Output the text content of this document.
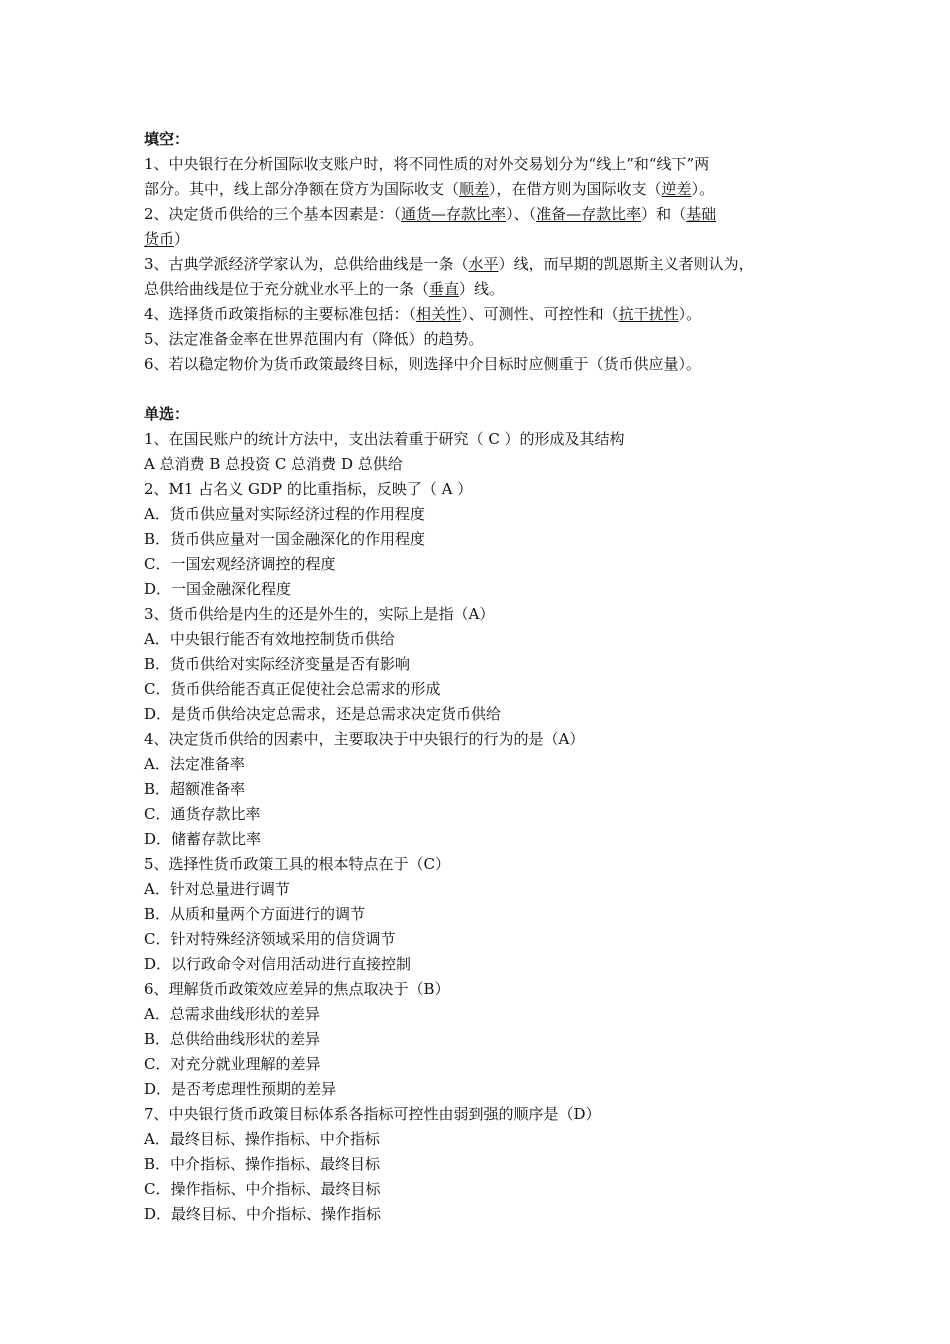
填空：
1、中央银行在分析国际收支账户时，将不同性质的对外交易划分为“线上”和“线下”两
部分。其中，线上部分净额在贷方为国际收支（顺差），在借方则为国际收支（逆差）。
2、决定货币供给的三个基本因素是：（通货—存款比率）、（准备—存款比率）和（基础
货币）
3、古典学派经济学家认为，总供给曲线是一条（水平）线，而早期的凯恩斯主义者则认为，
总供给曲线是位于充分就业水平上的一条（垂直）线。
4、选择货币政策指标的主要标准包括：（相关性）、可测性、可控性和（抗干扰性）。
5、法定准备金率在世界范围内有（降低）的趋势。
6、若以稳定物价为货币政策最终目标，则选择中介目标时应侧重于（货币供应量）。
单选：
1、在国民账户的统计方法中，支出法着重于研究（ C ）的形成及其结构
A 总消费 B 总投资 C 总消费 D 总供给
2、M1 占名义 GDP 的比重指标，反映了（ A ）
A．货币供应量对实际经济过程的作用程度
B．货币供应量对一国金融深化的作用程度
C．一国宏观经济调控的程度
D．一国金融深化程度
3、货币供给是内生的还是外生的，实际上是指（A）
A．中央银行能否有效地控制货币供给
B．货币供给对实际经济变量是否有影响
C．货币供给能否真正促使社会总需求的形成
D．是货币供给决定总需求，还是总需求决定货币供给
4、决定货币供给的因素中，主要取决于中央银行的行为的是（A）
A．法定准备率
B．超额准备率
C．通货存款比率
D．储蓄存款比率
5、选择性货币政策工具的根本特点在于（C）
A．针对总量进行调节
B．从质和量两个方面进行的调节
C．针对特殊经济领域采用的信贷调节
D．以行政命令对信用活动进行直接控制
6、理解货币政策效应差异的焦点取决于（B）
A．总需求曲线形状的差异
B．总供给曲线形状的差异
C．对充分就业理解的差异
D．是否考虑理性预期的差异
7、中央银行货币政策目标体系各指标可控性由弱到强的顺序是（D）
A．最终目标、操作指标、中介指标
B．中介指标、操作指标、最终目标
C．操作指标、中介指标、最终目标
D．最终目标、中介指标、操作指标
